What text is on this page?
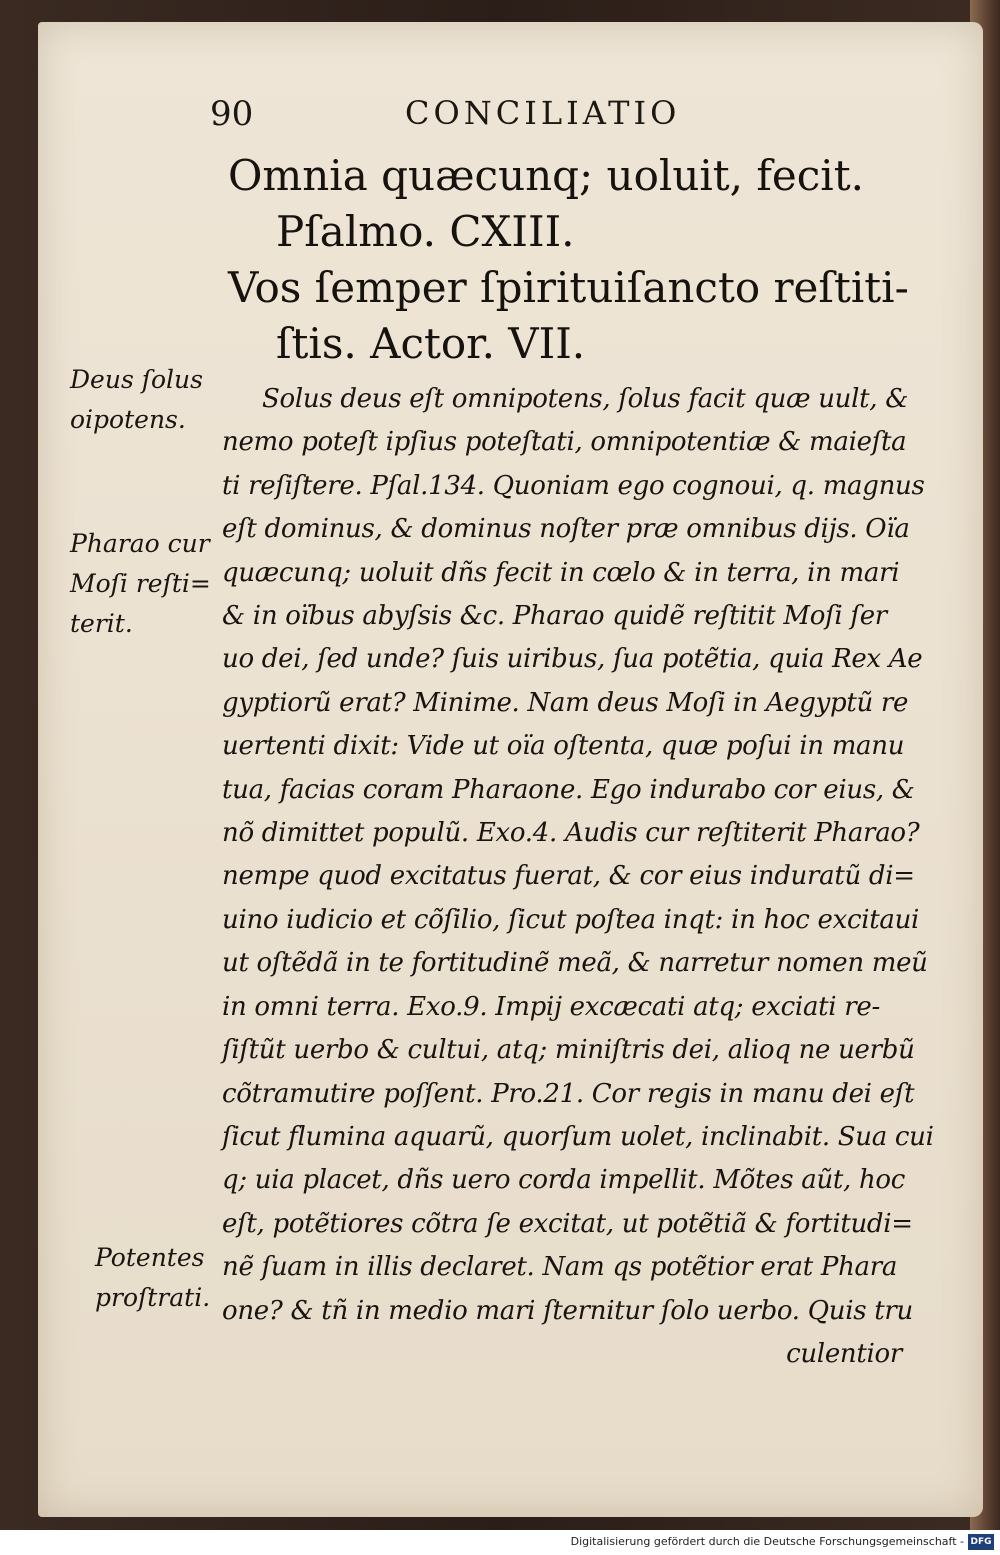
90	CONCILIATIO
Omnia quæcunq; uoluit, fecit.
Pſalmo. CXIII.
Vos ſemper ſpirituiſancto reſtiti-
ſtis. Actor. VII.
Deus ſolus
oipotens.
Pharao cur
Moſi reſti=
terit.
Potentes
proſtrati.
Solus deus eſt omnipotens, ſolus facit quæ uult, &
nemo poteſt ipſius poteſtati, omnipotentiæ & maieſta
ti reſiſtere. Pſal.134. Quoniam ego cognoui, q. magnus
eſt dominus, & dominus noſter præ omnibus dijs. Oïa
quæcunq; uoluit dñs fecit in cœlo & in terra, in mari
& in oïbus abyſsis &c. Pharao quidẽ reſtitit Moſi ſer
uo dei, ſed unde? ſuis uiribus, ſua potẽtia, quia Rex Ae
gyptiorũ erat? Minime. Nam deus Moſi in Aegyptũ re
uertenti dixit: Vide ut oïa oſtenta, quæ poſui in manu
tua, facias coram Pharaone. Ego indurabo cor eius, &
nõ dimittet populũ. Exo.4. Audis cur reſtiterit Pharao?
nempe quod excitatus fuerat, & cor eius induratũ di=
uino iudicio et cõſilio, ſicut poſtea inqt: in hoc excitaui
ut oſtẽdã in te fortitudinẽ meã, & narretur nomen meũ
in omni terra. Exo.9. Impij excæcati atq; exciati re-
ſiſtũt uerbo & cultui, atq; miniſtris dei, alioq ne uerbũ
cõtramutire poſſent. Pro.21. Cor regis in manu dei eſt
ſicut flumina aquarũ, quorſum uolet, inclinabit. Sua cui
q; uia placet, dñs uero corda impellit. Mõtes aũt, hoc
eſt, potẽtiores cõtra ſe excitat, ut potẽtiã & fortitudi=
nẽ ſuam in illis declaret. Nam qs potẽtior erat Phara
one? & tñ in medio mari ſternitur ſolo uerbo. Quis tru
culentior
Digitalisierung gefördert durch die Deutsche Forschungsgemeinschaft - DFG
